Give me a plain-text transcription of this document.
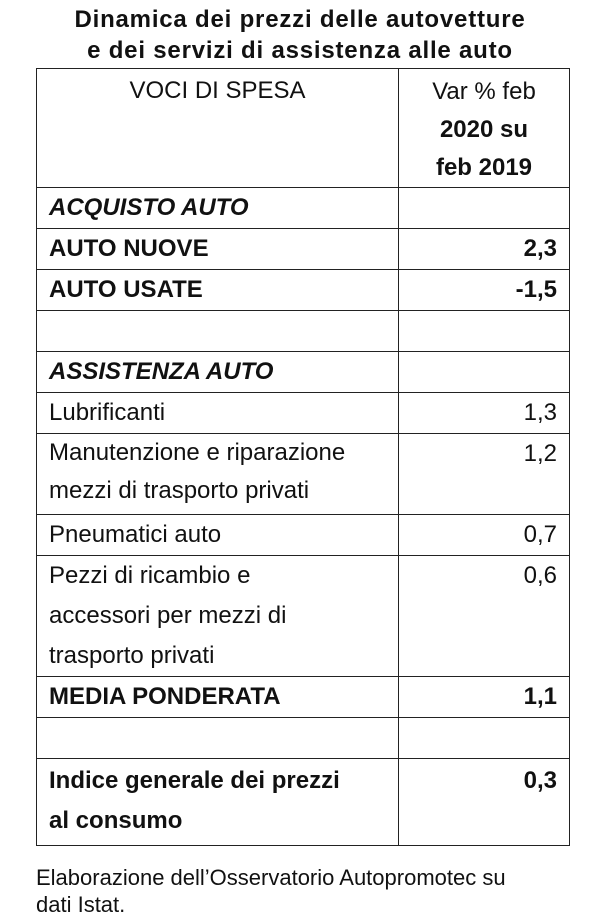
Dinamica dei prezzi delle autovetture
e dei servizi di assistenza alle auto
VOCI DI SPESA	Var % feb
2020 su
feb 2019

ACQUISTO AUTO	

AUTO NUOVE	2,3

AUTO USATE	-1,5

ASSISTENZA AUTO	

Lubrificanti	1,3

Manutenzione e riparazione
mezzi di trasporto privati	1,2

Pneumatici auto	0,7

Pezzi di ricambio e
accessori per mezzi di
trasporto privati	0,6

MEDIA PONDERATA	1,1

Indice generale dei prezzi
al consumo	0,3
Elaborazione dell’Osservatorio Autopromotec su
dati Istat.
